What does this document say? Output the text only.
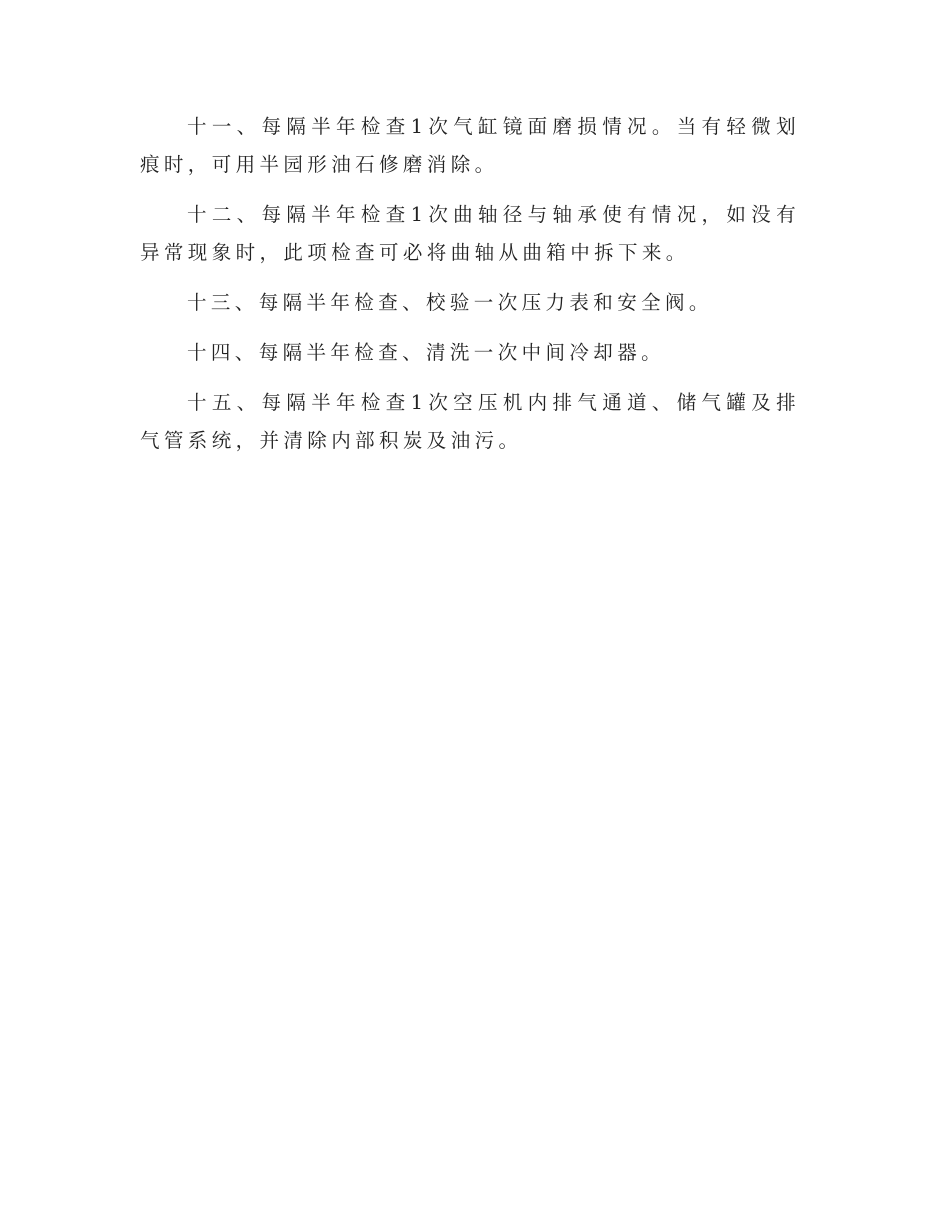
十一、每隔半年检查1次气缸镜面磨损情况。当有轻微划痕时，可用半园形油石修磨消除。

十二、每隔半年检查1次曲轴径与轴承使有情况，如没有异常现象时，此项检查可必将曲轴从曲箱中拆下来。

十三、每隔半年检查、校验一次压力表和安全阀。

十四、每隔半年检查、清洗一次中间冷却器。

十五、每隔半年检查1次空压机内排气通道、储气罐及排气管系统，并清除内部积炭及油污。
